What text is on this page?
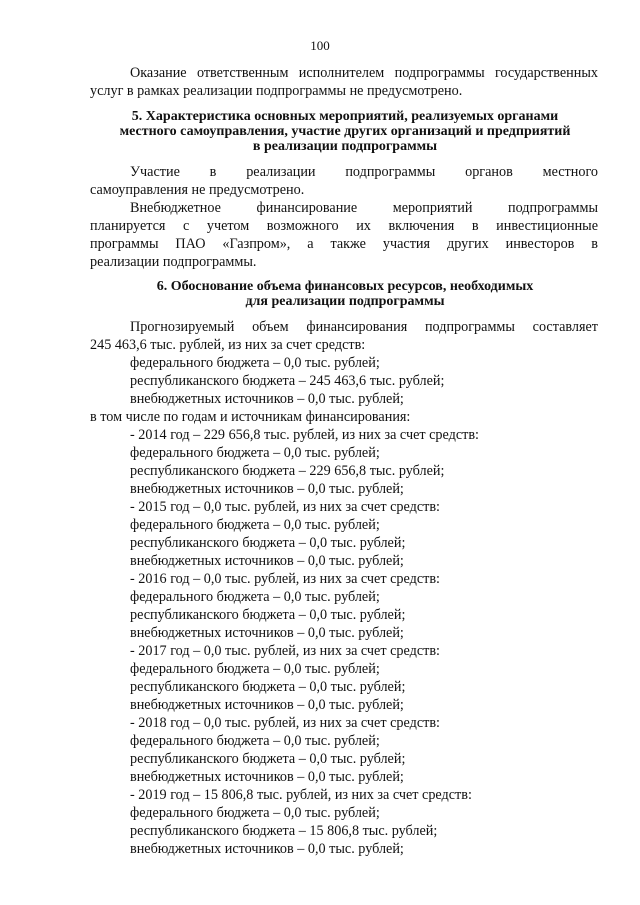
100
Оказание ответственным исполнителем подпрограммы государственных
услуг в рамках реализации подпрограммы не предусмотрено.
5. Характеристика основных мероприятий, реализуемых органами
местного самоуправления, участие других организаций и предприятий
в реализации подпрограммы
Участие в реализации подпрограммы органов местного
самоуправления не предусмотрено.
Внебюджетное финансирование мероприятий подпрограммы
планируется с учетом возможного их включения в инвестиционные
программы ПАО «Газпром», а также участия других инвесторов в
реализации подпрограммы.
6. Обоснование объема финансовых ресурсов, необходимых
для реализации подпрограммы
Прогнозируемый объем финансирования подпрограммы составляет
245 463,6 тыс. рублей, из них за счет средств:
федерального бюджета – 0,0 тыс. рублей;
республиканского бюджета – 245 463,6 тыс. рублей;
внебюджетных источников – 0,0 тыс. рублей;
в том числе по годам и источникам финансирования:
- 2014 год – 229 656,8 тыс. рублей, из них за счет средств:
федерального бюджета – 0,0 тыс. рублей;
республиканского бюджета – 229 656,8 тыс. рублей;
внебюджетных источников – 0,0 тыс. рублей;
- 2015 год – 0,0 тыс. рублей, из них за счет средств:
федерального бюджета – 0,0 тыс. рублей;
республиканского бюджета – 0,0 тыс. рублей;
внебюджетных источников – 0,0 тыс. рублей;
- 2016 год – 0,0 тыс. рублей, из них за счет средств:
федерального бюджета – 0,0 тыс. рублей;
республиканского бюджета – 0,0 тыс. рублей;
внебюджетных источников – 0,0 тыс. рублей;
- 2017 год – 0,0 тыс. рублей, из них за счет средств:
федерального бюджета – 0,0 тыс. рублей;
республиканского бюджета – 0,0 тыс. рублей;
внебюджетных источников – 0,0 тыс. рублей;
- 2018 год – 0,0 тыс. рублей, из них за счет средств:
федерального бюджета – 0,0 тыс. рублей;
республиканского бюджета – 0,0 тыс. рублей;
внебюджетных источников – 0,0 тыс. рублей;
- 2019 год – 15 806,8 тыс. рублей, из них за счет средств:
федерального бюджета – 0,0 тыс. рублей;
республиканского бюджета – 15 806,8 тыс. рублей;
внебюджетных источников – 0,0 тыс. рублей;
